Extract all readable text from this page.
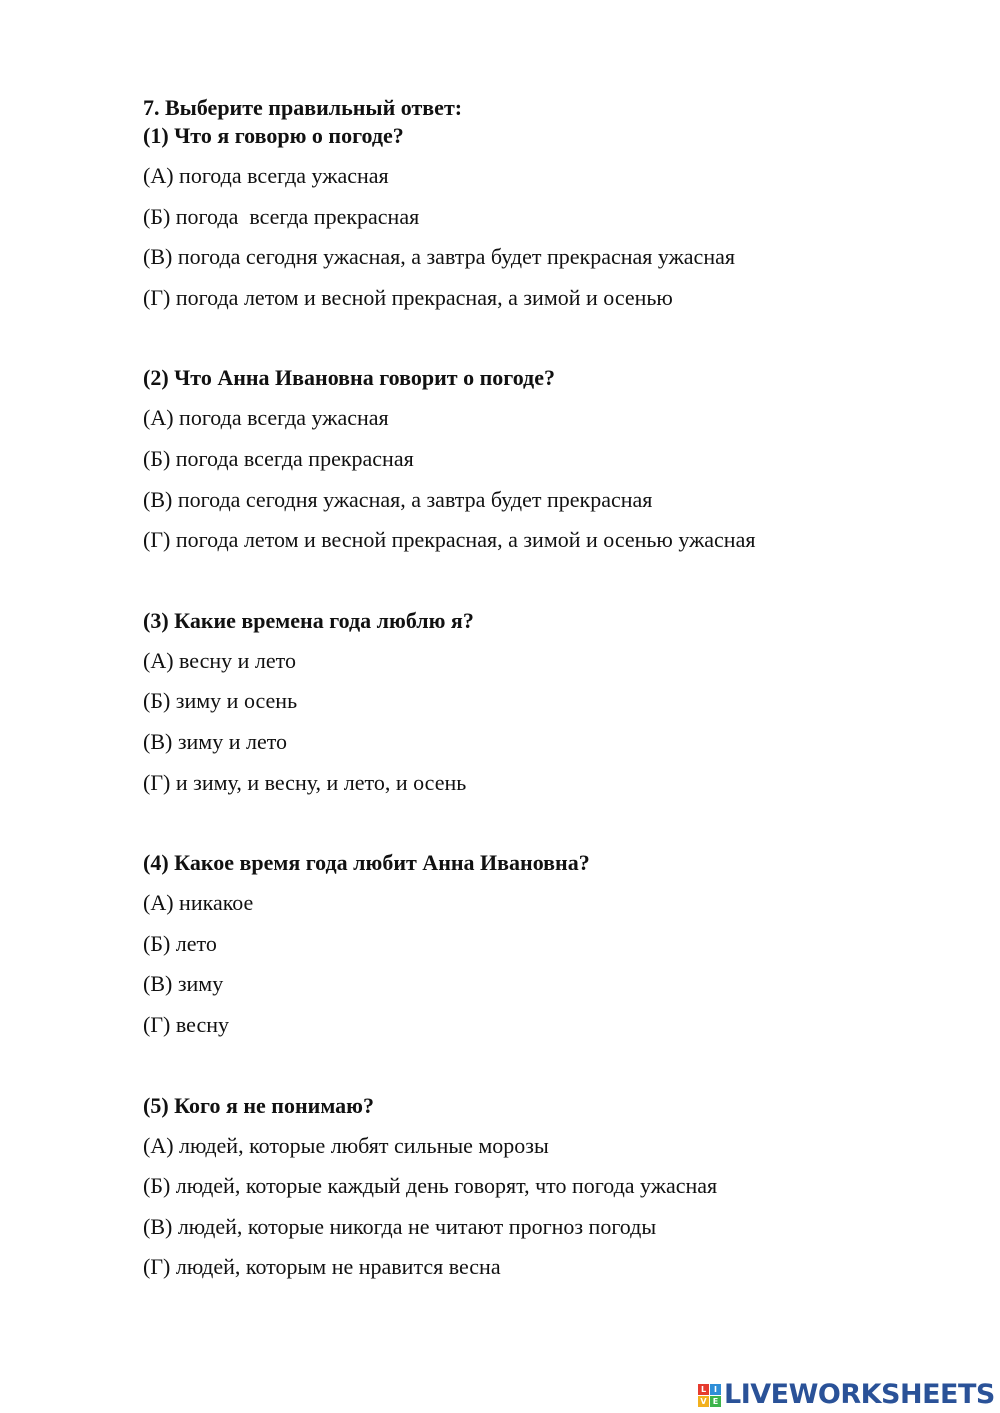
7. Выберите правильный ответ:

(1) Что я говорю о погоде?

(А) погода всегда ужасная

(Б) погода  всегда прекрасная

(В) погода сегодня ужасная, а завтра будет прекрасная ужасная

(Г) погода летом и весной прекрасная, а зимой и осенью

(2) Что Анна Ивановна говорит о погоде?

(А) погода всегда ужасная

(Б) погода всегда прекрасная

(В) погода сегодня ужасная, а завтра будет прекрасная

(Г) погода летом и весной прекрасная, а зимой и осенью ужасная

(3) Какие времена года люблю я?

(А) весну и лето

(Б) зиму и осень

(В) зиму и лето

(Г) и зиму, и весну, и лето, и осень

(4) Какое время года любит Анна Ивановна?

(А) никакое

(Б) лето

(В) зиму

(Г) весну

(5) Кого я не понимаю?

(А) людей, которые любят сильные морозы

(Б) людей, которые каждый день говорят, что погода ужасная

(В) людей, которые никогда не читают прогноз погоды

(Г) людей, которым не нравится весна

L I
V E LIVEWORKSHEETS
